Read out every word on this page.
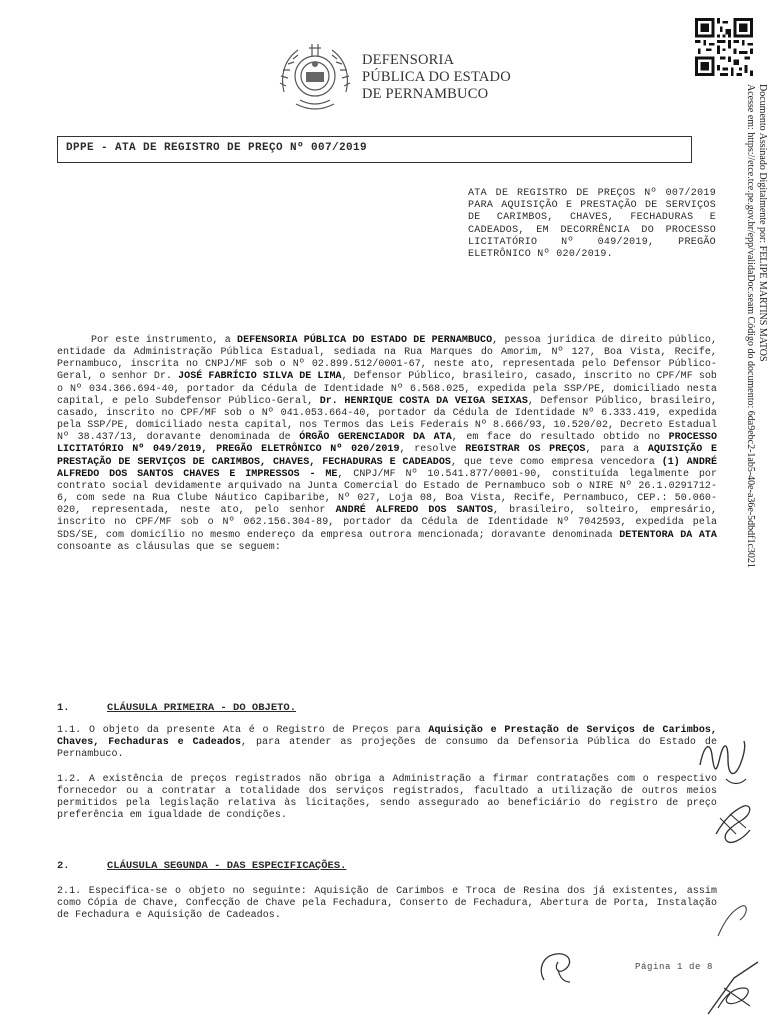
DEFENSORIA
PÚBLICA DO ESTADO
DE PERNAMBUCO	Documento Assinado Digitalmente por: FELIPE MARTINS MATOS
Acesse em: https://etce.tce.pe.gov.br/epp/validaDoc.seam Código do documento: 6da9ebc2-1ab5-40e-a36e-5dbdf1c3021
DPPE - ATA DE REGISTRO DE PREÇO Nº 007/2019
ATA DE REGISTRO DE PREÇOS Nº 007/2019 PARA AQUISIÇÃO E PRESTAÇÃO DE SERVIÇOS DE CARIMBOS, CHAVES, FECHADURAS E CADEADOS, EM DECORRÊNCIA DO PROCESSO LICITATÓRIO Nº 049/2019, PREGÃO ELETRÔNICO Nº 020/2019.
Por este instrumento, a DEFENSORIA PÚBLICA DO ESTADO DE PERNAMBUCO, pessoa jurídica de direito público, entidade da Administração Pública Estadual, sediada na Rua Marques do Amorim, Nº 127, Boa Vista, Recife, Pernambuco, inscrita no CNPJ/MF sob o Nº 02.899.512/0001-67, neste ato, representada pelo Defensor Público-Geral, o senhor Dr. JOSÉ FABRÍCIO SILVA DE LIMA, Defensor Público, brasileiro, casado, inscrito no CPF/MF sob o Nº 034.366.694-40, portador da Cédula de Identidade Nº 6.568.025, expedida pela SSP/PE, domiciliado nesta capital, e pelo Subdefensor Público-Geral, Dr. HENRIQUE COSTA DA VEIGA SEIXAS, Defensor Público, brasileiro, casado, inscrito no CPF/MF sob o Nº 041.053.664-40, portador da Cédula de Identidade Nº 6.333.419, expedida pela SSP/PE, domiciliado nesta capital, nos Termos das Leis Federais Nº 8.666/93, 10.520/02, Decreto Estadual Nº 38.437/13, doravante denominada de ÓRGÃO GERENCIADOR DA ATA, em face do resultado obtido no PROCESSO LICITATÓRIO Nº 049/2019, PREGÃO ELETRÔNICO Nº 020/2019, resolve REGISTRAR OS PREÇOS, para a AQUISIÇÃO E PRESTAÇÃO DE SERVIÇOS DE CARIMBOS, CHAVES, FECHADURAS E CADEADOS, que teve como empresa vencedora (1) ANDRÉ ALFREDO DOS SANTOS CHAVES E IMPRESSOS - ME, CNPJ/MF Nº 10.541.877/0001-90, constituída legalmente por contrato social devidamente arquivado na Junta Comercial do Estado de Pernambuco sob o NIRE Nº 26.1.0291712-6, com sede na Rua Clube Náutico Capibaribe, Nº 027, Loja 08, Boa Vista, Recife, Pernambuco, CEP.: 50.060-020, representada, neste ato, pelo senhor ANDRÉ ALFREDO DOS SANTOS, brasileiro, solteiro, empresário, inscrito no CPF/MF sob o Nº 062.156.304-89, portador da Cédula de Identidade Nº 7042593, expedida pela SDS/SE, com domicílio no mesmo endereço da empresa outrora mencionada; doravante denominada DETENTORA DA ATA consoante as cláusulas que se seguem:
1.	CLÁUSULA PRIMEIRA - DO OBJETO.
1.1. O objeto da presente Ata é o Registro de Preços para Aquisição e Prestação de Serviços de Carimbos, Chaves, Fechaduras e Cadeados, para atender as projeções de consumo da Defensoria Pública do Estado de Pernambuco.
1.2. A existência de preços registrados não obriga a Administração a firmar contratações com o respectivo fornecedor ou a contratar a totalidade dos serviços registrados, facultado a utilização de outros meios permitidos pela legislação relativa às licitações, sendo assegurado ao beneficiário do registro de preço preferência em igualdade de condições.
2.	CLÁUSULA SEGUNDA - DAS ESPECIFICAÇÕES.
2.1. Especifica-se o objeto no seguinte: Aquisição de Carimbos e Troca de Resina dos já existentes, assim como Cópia de Chave, Confecção de Chave pela Fechadura, Conserto de Fechadura, Abertura de Porta, Instalação de Fechadura e Aquisição de Cadeados.
Página 1 de 8
